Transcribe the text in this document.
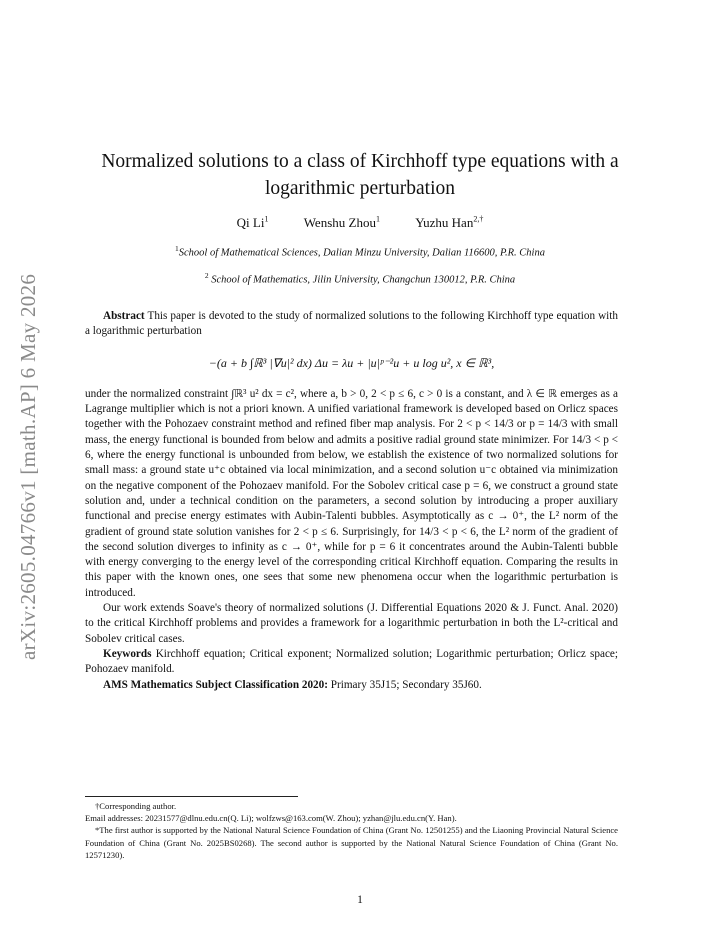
arXiv:2605.04766v1 [math.AP] 6 May 2026
Normalized solutions to a class of Kirchhoff type equations with a logarithmic perturbation
Qi Li$^1$	Wenshu Zhou$^1$	Yuzhu Han$^{2,\dagger}$
$^1$School of Mathematical Sciences, Dalian Minzu University, Dalian 116600, P.R. China
$^2$ School of Mathematics, Jilin University, Changchun 130012, P.R. China

Abstract This paper is devoted to the study of normalized solutions to the following Kirchhoff type equation with a logarithmic perturbation

−(a + b ∫ℝ³ |∇u|² dx) Δu = λu + |u|ᵖ⁻²u + u log u², x ∈ ℝ³,

under the normalized constraint ∫ℝ³ u² dx = c², where a, b > 0, 2 < p ≤ 6, c > 0 is a constant, and λ ∈ ℝ emerges as a Lagrange multiplier which is not a priori known. A unified variational framework is developed based on Orlicz spaces together with the Pohozaev constraint method and refined fiber map analysis. For 2 < p < 14/3 or p = 14/3 with small mass, the energy functional is bounded from below and admits a positive radial ground state minimizer. For 14/3 < p < 6, where the energy functional is unbounded from below, we establish the existence of two normalized solutions for small mass: a ground state u⁺c obtained via local minimization, and a second solution u⁻c obtained via minimization on the negative component of the Pohozaev manifold. For the Sobolev critical case p = 6, we construct a ground state solution and, under a technical condition on the parameters, a second solution by introducing a proper auxiliary functional and precise energy estimates with Aubin-Talenti bubbles. Asymptotically as c → 0⁺, the L² norm of the gradient of ground state solution vanishes for 2 < p ≤ 6. Surprisingly, for 14/3 < p < 6, the L² norm of the gradient of the second solution diverges to infinity as c → 0⁺, while for p = 6 it concentrates around the Aubin-Talenti bubble with energy converging to the energy level of the corresponding critical Kirchhoff equation. Comparing the results in this paper with the known ones, one sees that some new phenomena occur when the logarithmic perturbation is introduced.

Our work extends Soave's theory of normalized solutions (J. Differential Equations 2020 & J. Funct. Anal. 2020) to the critical Kirchhoff problems and provides a framework for a logarithmic perturbation in both the L²-critical and Sobolev critical cases.

Keywords Kirchhoff equation; Critical exponent; Normalized solution; Logarithmic perturbation; Orlicz space; Pohozaev manifold.

AMS Mathematics Subject Classification 2020: Primary 35J15; Secondary 35J60.

†Corresponding author.

Email addresses: 20231577@dlnu.edu.cn(Q. Li); wolfzws@163.com(W. Zhou); yzhan@jlu.edu.cn(Y. Han).

*The first author is supported by the National Natural Science Foundation of China (Grant No. 12501255) and the Liaoning Provincial Natural Science Foundation of China (Grant No. 2025BS0268). The second author is supported by the National Natural Science Foundation of China (Grant No. 12571230).

1
